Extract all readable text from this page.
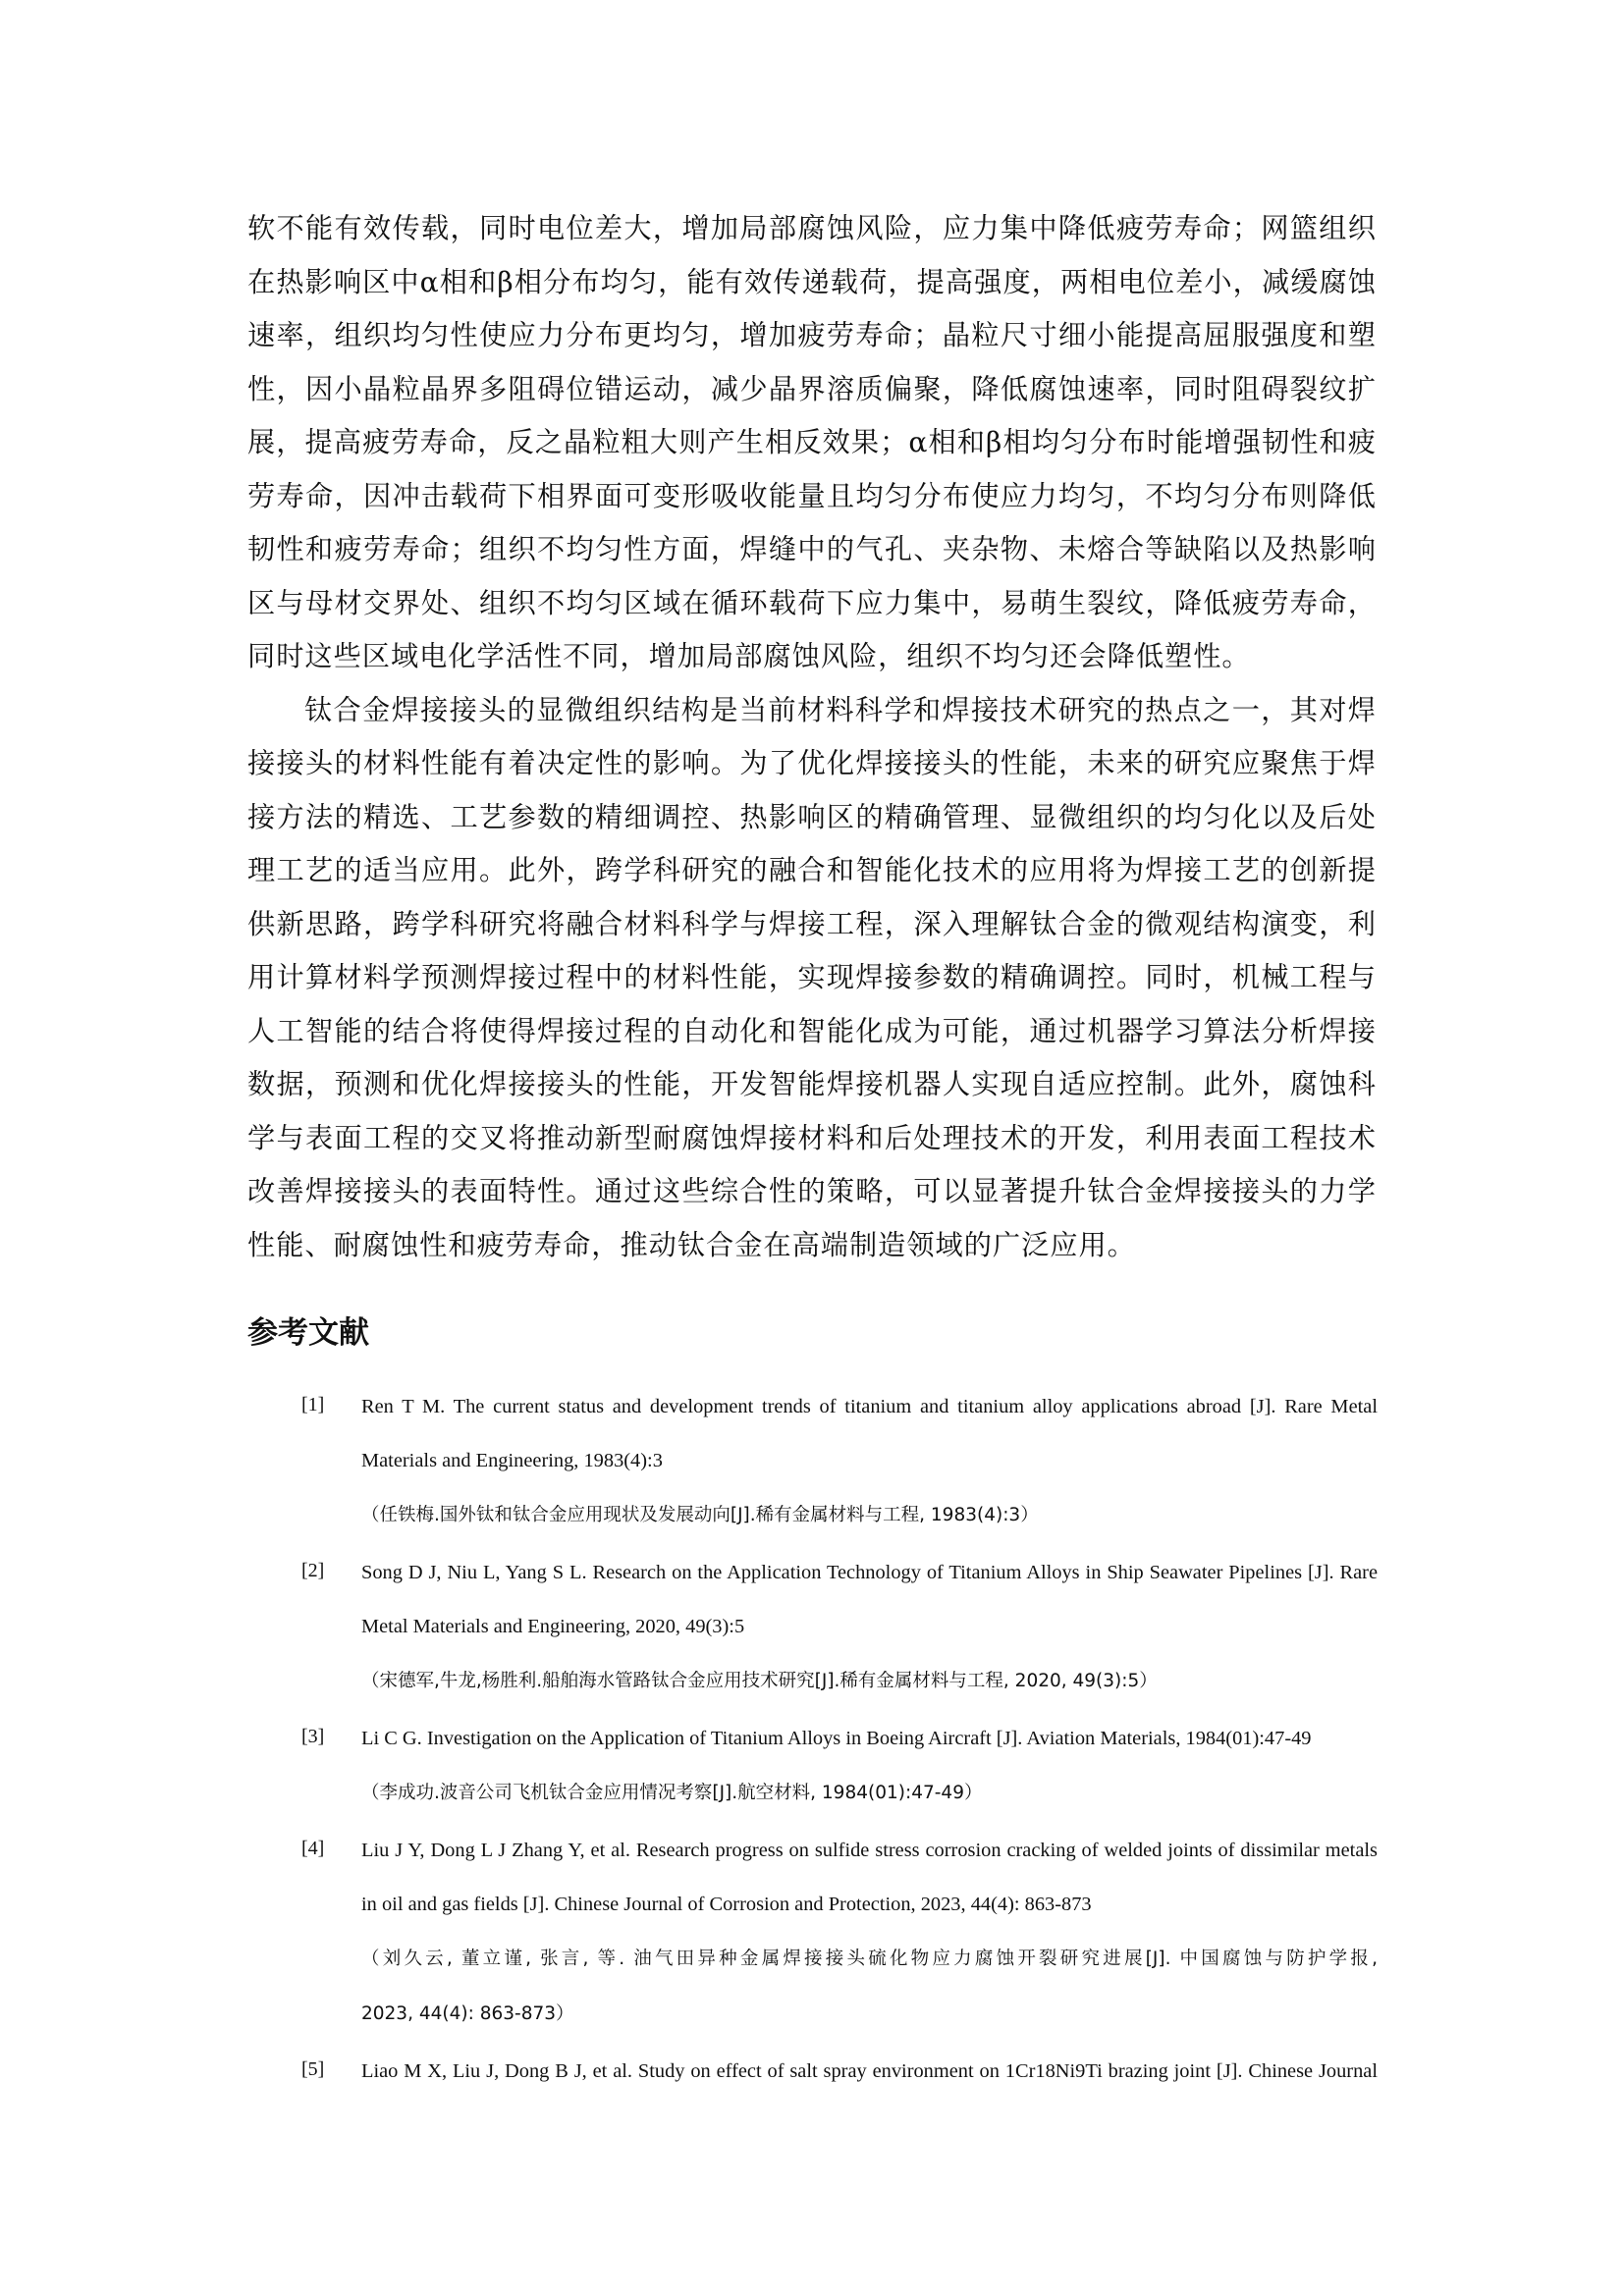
软不能有效传载，同时电位差大，增加局部腐蚀风险，应力集中降低疲劳寿命；网篮组织在热影响区中α相和β相分布均匀，能有效传递载荷，提高强度，两相电位差小，减缓腐蚀速率，组织均匀性使应力分布更均匀，增加疲劳寿命；晶粒尺寸细小能提高屈服强度和塑性，因小晶粒晶界多阻碍位错运动，减少晶界溶质偏聚，降低腐蚀速率，同时阻碍裂纹扩展，提高疲劳寿命，反之晶粒粗大则产生相反效果；α相和β相均匀分布时能增强韧性和疲劳寿命，因冲击载荷下相界面可变形吸收能量且均匀分布使应力均匀，不均匀分布则降低韧性和疲劳寿命；组织不均匀性方面，焊缝中的气孔、夹杂物、未熔合等缺陷以及热影响区与母材交界处、组织不均匀区域在循环载荷下应力集中，易萌生裂纹，降低疲劳寿命，同时这些区域电化学活性不同，增加局部腐蚀风险，组织不均匀还会降低塑性。

钛合金焊接接头的显微组织结构是当前材料科学和焊接技术研究的热点之一，其对焊接接头的材料性能有着决定性的影响。为了优化焊接接头的性能，未来的研究应聚焦于焊接方法的精选、工艺参数的精细调控、热影响区的精确管理、显微组织的均匀化以及后处理工艺的适当应用。此外，跨学科研究的融合和智能化技术的应用将为焊接工艺的创新提供新思路，跨学科研究将融合材料科学与焊接工程，深入理解钛合金的微观结构演变，利用计算材料学预测焊接过程中的材料性能，实现焊接参数的精确调控。同时，机械工程与人工智能的结合将使得焊接过程的自动化和智能化成为可能，通过机器学习算法分析焊接数据，预测和优化焊接接头的性能，开发智能焊接机器人实现自适应控制。此外，腐蚀科学与表面工程的交叉将推动新型耐腐蚀焊接材料和后处理技术的开发，利用表面工程技术改善焊接接头的表面特性。通过这些综合性的策略，可以显著提升钛合金焊接接头的力学性能、耐腐蚀性和疲劳寿命，推动钛合金在高端制造领域的广泛应用。

参考文献
[1] Ren T M. The current status and development trends of titanium and titanium alloy applications abroad [J]. Rare Metal

Materials and Engineering, 1983(4):3

（任铁梅.国外钛和钛合金应用现状及发展动向[J].稀有金属材料与工程, 1983(4):3）

[2] Song D J, Niu L, Yang S L. Research on the Application Technology of Titanium Alloys in Ship Seawater Pipelines [J]. Rare

Metal Materials and Engineering, 2020, 49(3):5

（宋德军,牛龙,杨胜利.船舶海水管路钛合金应用技术研究[J].稀有金属材料与工程, 2020, 49(3):5）

[3] Li C G. Investigation on the Application of Titanium Alloys in Boeing Aircraft [J]. Aviation Materials, 1984(01):47-49

（李成功.波音公司飞机钛合金应用情况考察[J].航空材料, 1984(01):47-49）

[4] Liu J Y, Dong L J Zhang Y, et al. Research progress on sulfide stress corrosion cracking of welded joints of dissimilar metals

in oil and gas fields [J]. Chinese Journal of Corrosion and Protection, 2023, 44(4): 863-873

（刘久云, 董立谨, 张言, 等. 油气田异种金属焊接接头硫化物应力腐蚀开裂研究进展[J]. 中国腐蚀与防护学报,

2023, 44(4): 863-873）

[5] Liao M X, Liu J, Dong B J, et al. Study on effect of salt spray environment on 1Cr18Ni9Ti brazing joint [J]. Chinese Journal
